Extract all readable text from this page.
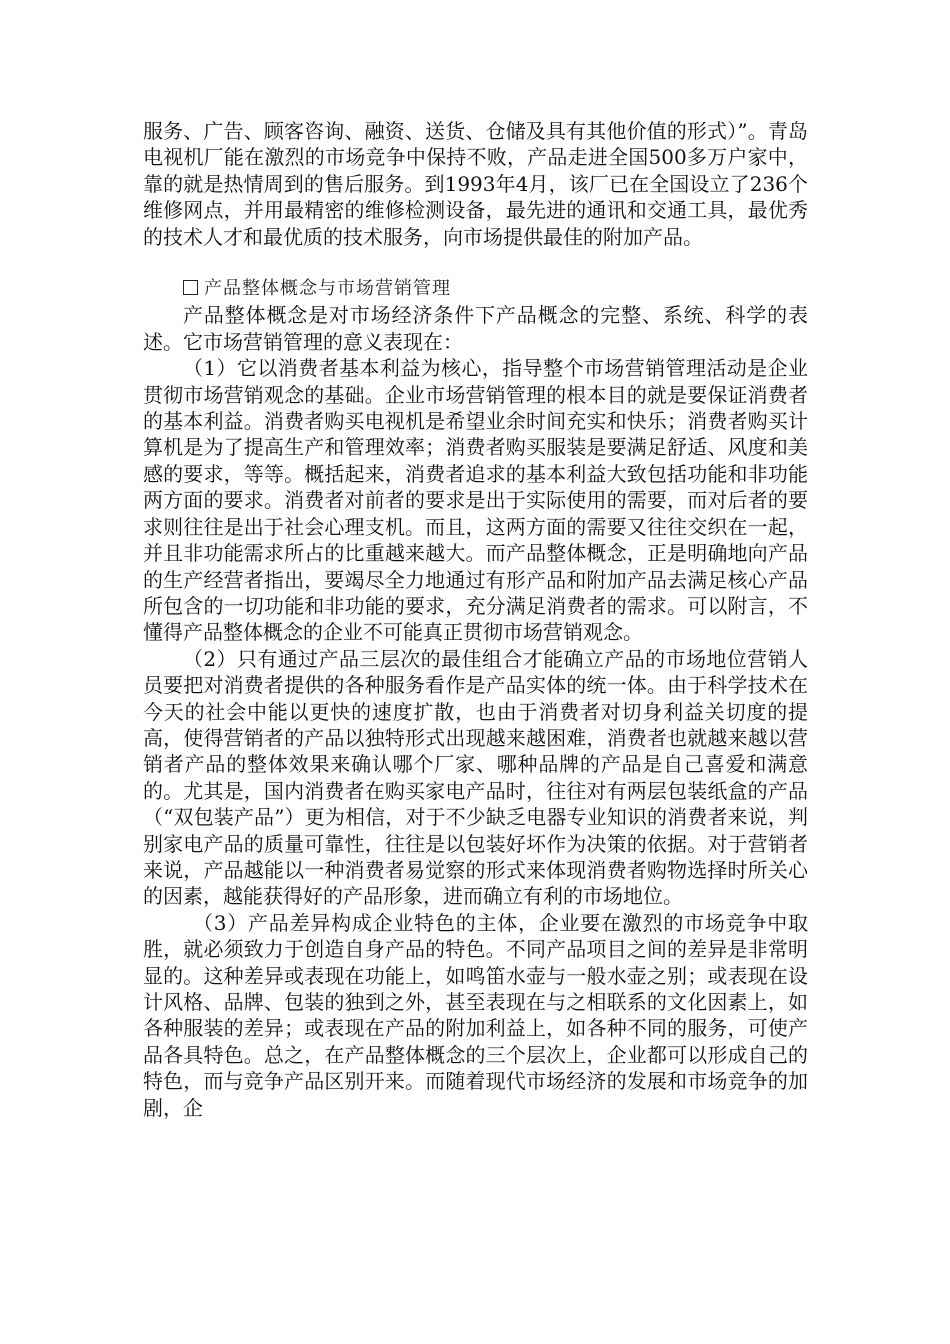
服务、广告、顾客咨询、融资、送货、仓储及具有其他价值的形式）”。青岛电视机厂能在激烈的市场竞争中保持不败，产品走进全国500多万户家中，靠的就是热情周到的售后服务。到1993年4月，该厂已在全国设立了236个维修网点，并用最精密的维修检测设备，最先进的通讯和交通工具，最优秀的技术人才和最优质的技术服务，向市场提供最佳的附加产品。

产品整体概念与市场营销管理

产品整体概念是对市场经济条件下产品概念的完整、系统、科学的表述。它市场营销管理的意义表现在：

（1）它以消费者基本利益为核心，指导整个市场营销管理活动是企业贯彻市场营销观念的基础。企业市场营销管理的根本目的就是要保证消费者的基本利益。消费者购买电视机是希望业余时间充实和快乐；消费者购买计算机是为了提高生产和管理效率；消费者购买服装是要满足舒适、风度和美感的要求，等等。概括起来，消费者追求的基本利益大致包括功能和非功能两方面的要求。消费者对前者的要求是出于实际使用的需要，而对后者的要求则往往是出于社会心理支机。而且，这两方面的需要又往往交织在一起，并且非功能需求所占的比重越来越大。而产品整体概念，正是明确地向产品的生产经营者指出，要竭尽全力地通过有形产品和附加产品去满足核心产品所包含的一切功能和非功能的要求，充分满足消费者的需求。可以附言，不懂得产品整体概念的企业不可能真正贯彻市场营销观念。

（2）只有通过产品三层次的最佳组合才能确立产品的市场地位营销人员要把对消费者提供的各种服务看作是产品实体的统一体。由于科学技术在今天的社会中能以更快的速度扩散，也由于消费者对切身利益关切度的提高，使得营销者的产品以独特形式出现越来越困难，消费者也就越来越以营销者产品的整体效果来确认哪个厂家、哪种品牌的产品是自己喜爱和满意的。尤其是，国内消费者在购买家电产品时，往往对有两层包装纸盒的产品（“双包装产品”）更为相信，对于不少缺乏电器专业知识的消费者来说，判别家电产品的质量可靠性，往往是以包装好坏作为决策的依据。对于营销者来说，产品越能以一种消费者易觉察的形式来体现消费者购物选择时所关心的因素，越能获得好的产品形象，进而确立有利的市场地位。

（3）产品差异构成企业特色的主体，企业要在激烈的市场竞争中取胜，就必须致力于创造自身产品的特色。不同产品项目之间的差异是非常明显的。这种差异或表现在功能上，如鸣笛水壶与一般水壶之别；或表现在设计风格、品牌、包装的独到之外，甚至表现在与之相联系的文化因素上，如各种服装的差异；或表现在产品的附加利益上，如各种不同的服务，可使产品各具特色。总之，在产品整体概念的三个层次上，企业都可以形成自己的特色，而与竞争产品区别开来。而随着现代市场经济的发展和市场竞争的加剧，企
